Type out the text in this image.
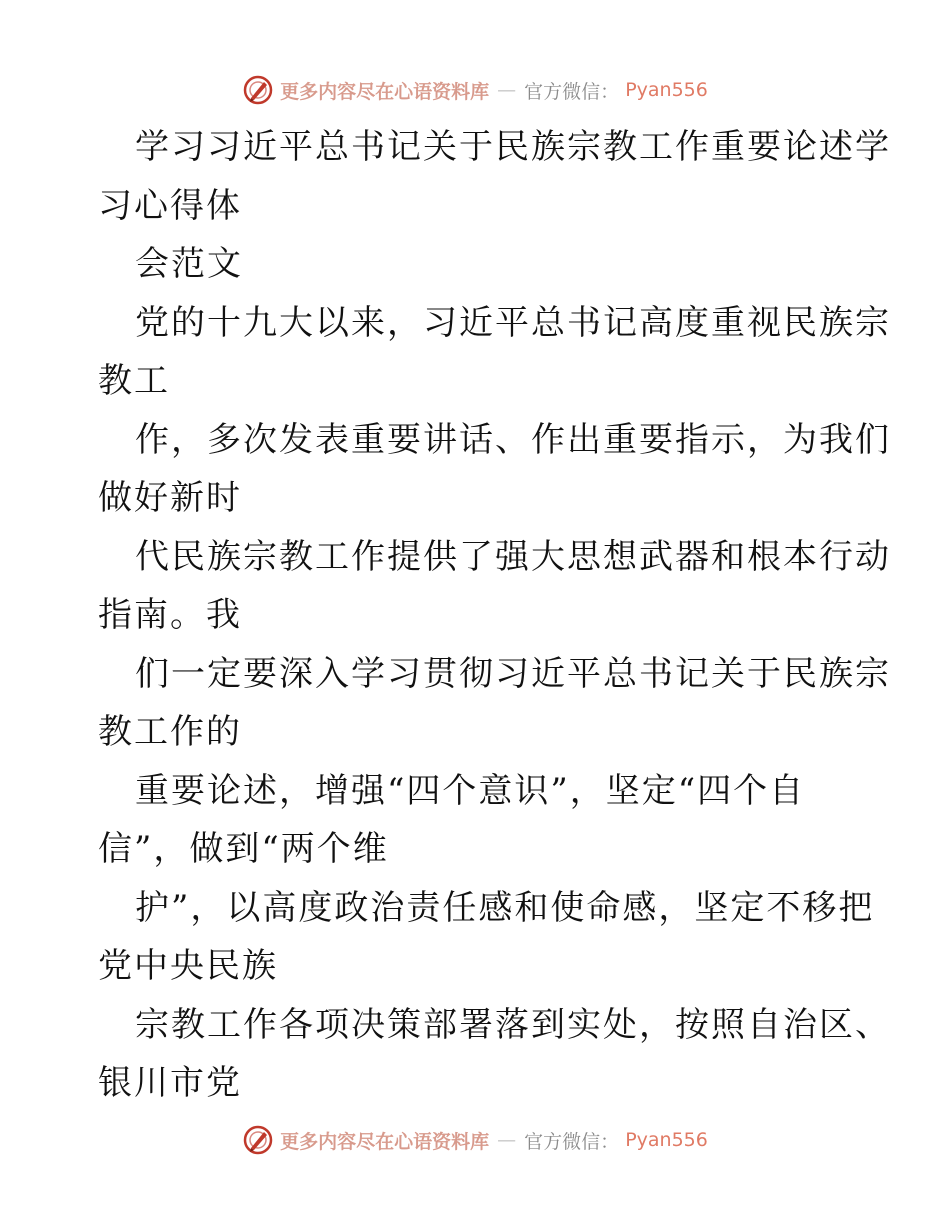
更多内容尽在心语资料库 — 官方微信： Pyan556
学习习近平总书记关于民族宗教工作重要论述学
习心得体
会范文
党的十九大以来，习近平总书记高度重视民族宗
教工
作，多次发表重要讲话、作出重要指示，为我们
做好新时
代民族宗教工作提供了强大思想武器和根本行动
指南。我
们一定要深入学习贯彻习近平总书记关于民族宗
教工作的
重要论述，增强“四个意识”，坚定“四个自
信”，做到“两个维
护”，以高度政治责任感和使命感，坚定不移把
党中央民族
宗教工作各项决策部署落到实处，按照自治区、
银川市党
更多内容尽在心语资料库 — 官方微信： Pyan556
